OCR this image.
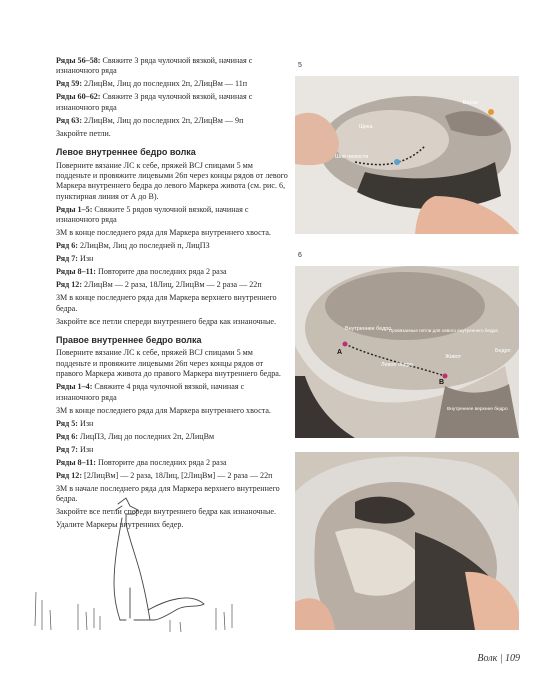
Ряды 56–58: Свяжите 3 ряда чулочной вязкой, начиная с изнаночного ряда

Ряд 59: 2ЛицВм, Лиц до последних 2п, 2ЛицВм — 11п

Ряды 60–62: Свяжите 3 ряда чулочной вязкой, начиная с изнаночного ряда

Ряд 63: 2ЛицВм, Лиц до последних 2п, 2ЛицВм — 9п

Закройте петли.

Левое внутреннее бедро волка

Поверните вязание ЛС к себе, пряжей BCJ спицами 5 мм подденьте и провяжите лицевыми 26п через концы рядов от левого Маркера внутреннего бедра до левого Маркера живота (см. рис. 6, пунктирная линия от А до В).

Ряды 1–5: Свяжите 5 рядов чулочной вязкой, начиная с изнаночного ряда

ЗМ в конце последнего ряда для Маркера внутреннего хвоста.

Ряд 6: 2ЛицВм, Лиц до последней п, ЛицПЗ

Ряд 7: Изн

Ряды 8–11: Повторите два последних ряда 2 раза

Ряд 12: 2ЛицВм — 2 раза, 18Лиц, 2ЛицВм — 2 раза — 22п

ЗМ в конце последнего ряда для Маркера верхнего внутреннего бедра.

Закройте все петли спереди внутреннего бедра как изнаночные.

Правое внутреннее бедро волка

Поверните вязание ЛС к себе, пряжей BCJ спицами 5 мм подденьте и провяжите лицевыми 26п через концы рядов от правого Маркера живота до правого Маркера внутреннего бедра.

Ряды 1–4: Свяжите 4 ряда чулочной вязкой, начиная с изнаночного ряда

ЗМ в конце последнего ряда для Маркера внутреннего хвоста.

Ряд 5: Изн

Ряд 6: ЛицПЗ, Лиц до последних 2п, 2ЛицВм

Ряд 7: Изн

Ряды 8–11: Повторите два последних ряда 2 раза

Ряд 12: [2ЛицВм] — 2 раза, 18Лиц, [2ЛицВм] — 2 раза — 22п

ЗМ в начале последнего ряда для Маркера верхнего внутреннего бедра.

Закройте все петли спереди внутреннего бедра как изнаночные.

Удалите Маркеры внутренних бедер.

5
Щека
Шов челюсти
Висок
6
Внутреннее бедро
Провязанные петли для левого внутреннего бедра
Живот
Бедро
Левое бедро
A
B
Внутреннее верхнее бедро
Волк | 109
